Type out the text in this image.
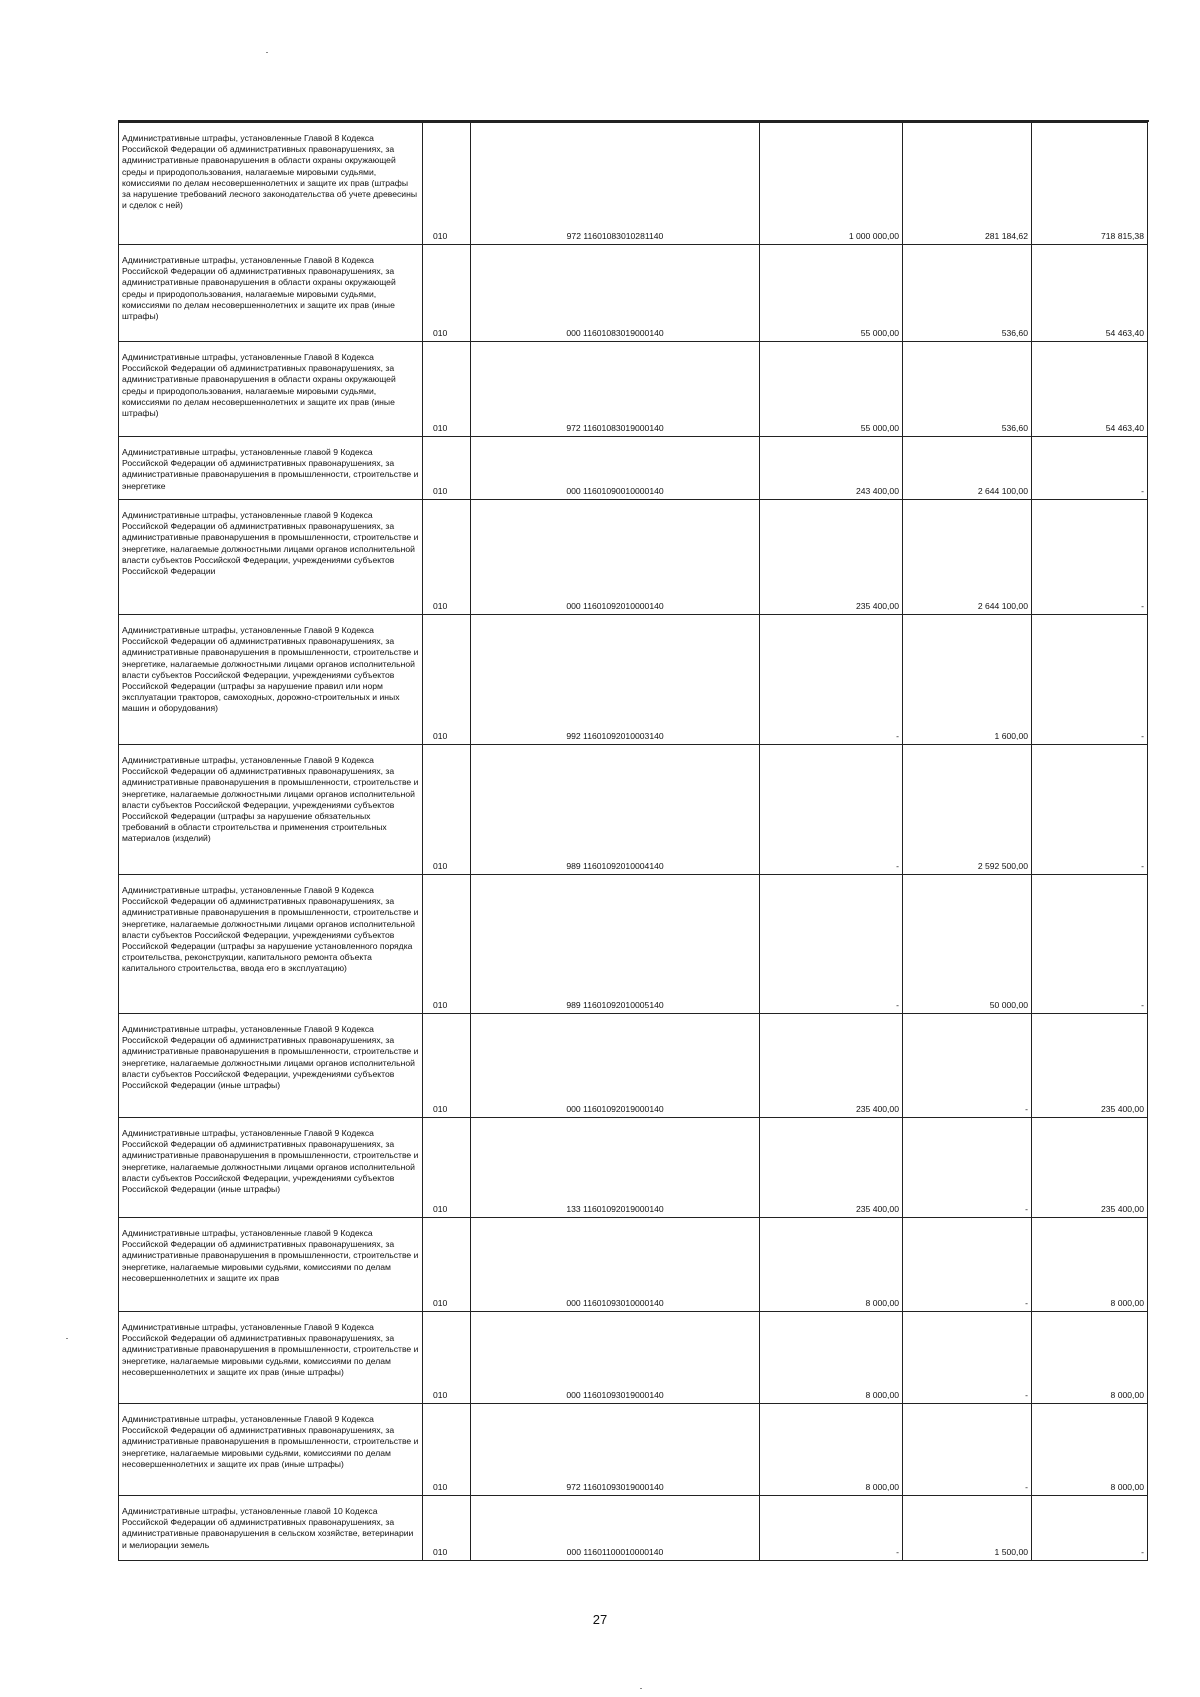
Административные штрафы, установленные Главой 8 Кодекса Российской Федерации об административных правонарушениях, за административные правонарушения в области охраны окружающей среды и природопользования, налагаемые мировыми судьями, комиссиями по делам несовершеннолетних и защите их прав (штрафы за нарушение требований лесного законодательства об учете древесины и сделок с ней)	010	972 11601083010281140	1 000 000,00	281 184,62	718 815,38
Административные штрафы, установленные Главой 8 Кодекса Российской Федерации об административных правонарушениях, за административные правонарушения в области охраны окружающей среды и природопользования, налагаемые мировыми судьями, комиссиями по делам несовершеннолетних и защите их прав (иные штрафы)	010	000 11601083019000140	55 000,00	536,60	54 463,40
Административные штрафы, установленные Главой 8 Кодекса Российской Федерации об административных правонарушениях, за административные правонарушения в области охраны окружающей среды и природопользования, налагаемые мировыми судьями, комиссиями по делам несовершеннолетних и защите их прав (иные штрафы)	010	972 11601083019000140	55 000,00	536,60	54 463,40
Административные штрафы, установленные главой 9 Кодекса Российской Федерации об административных правонарушениях, за административные правонарушения в промышленности, строительстве и энергетике	010	000 11601090010000140	243 400,00	2 644 100,00	-
Административные штрафы, установленные главой 9 Кодекса Российской Федерации об административных правонарушениях, за административные правонарушения в промышленности, строительстве и энергетике, налагаемые должностными лицами органов исполнительной власти субъектов Российской Федерации, учреждениями субъектов Российской Федерации	010	000 11601092010000140	235 400,00	2 644 100,00	-
Административные штрафы, установленные Главой 9 Кодекса Российской Федерации об административных правонарушениях, за административные правонарушения в промышленности, строительстве и энергетике, налагаемые должностными лицами органов исполнительной власти субъектов Российской Федерации, учреждениями субъектов Российской Федерации (штрафы за нарушение правил или норм эксплуатации тракторов, самоходных, дорожно-строительных и иных машин и оборудования)	010	992 11601092010003140	-	1 600,00	-
Административные штрафы, установленные Главой 9 Кодекса Российской Федерации об административных правонарушениях, за административные правонарушения в промышленности, строительстве и энергетике, налагаемые должностными лицами органов исполнительной власти субъектов Российской Федерации, учреждениями субъектов Российской Федерации (штрафы за нарушение обязательных требований в области строительства и применения строительных материалов (изделий)	010	989 11601092010004140	-	2 592 500,00	-
Административные штрафы, установленные Главой 9 Кодекса Российской Федерации об административных правонарушениях, за административные правонарушения в промышленности, строительстве и энергетике, налагаемые должностными лицами органов исполнительной власти субъектов Российской Федерации, учреждениями субъектов Российской Федерации (штрафы за нарушение установленного порядка строительства, реконструкции, капитального ремонта объекта капитального строительства, ввода его в эксплуатацию)	010	989 11601092010005140	-	50 000,00	-
Административные штрафы, установленные Главой 9 Кодекса Российской Федерации об административных правонарушениях, за административные правонарушения в промышленности, строительстве и энергетике, налагаемые должностными лицами органов исполнительной власти субъектов Российской Федерации, учреждениями субъектов Российской Федерации (иные штрафы)	010	000 11601092019000140	235 400,00	-	235 400,00
Административные штрафы, установленные Главой 9 Кодекса Российской Федерации об административных правонарушениях, за административные правонарушения в промышленности, строительстве и энергетике, налагаемые должностными лицами органов исполнительной власти субъектов Российской Федерации, учреждениями субъектов Российской Федерации (иные штрафы)	010	133 11601092019000140	235 400,00	-	235 400,00
Административные штрафы, установленные главой 9 Кодекса Российской Федерации об административных правонарушениях, за административные правонарушения в промышленности, строительстве и энергетике, налагаемые мировыми судьями, комиссиями по делам несовершеннолетних и защите их прав	010	000 11601093010000140	8 000,00	-	8 000,00
Административные штрафы, установленные Главой 9 Кодекса Российской Федерации об административных правонарушениях, за административные правонарушения в промышленности, строительстве и энергетике, налагаемые мировыми судьями, комиссиями по делам несовершеннолетних и защите их прав (иные штрафы)	010	000 11601093019000140	8 000,00	-	8 000,00
Административные штрафы, установленные Главой 9 Кодекса Российской Федерации об административных правонарушениях, за административные правонарушения в промышленности, строительстве и энергетике, налагаемые мировыми судьями, комиссиями по делам несовершеннолетних и защите их прав (иные штрафы)	010	972 11601093019000140	8 000,00	-	8 000,00
Административные штрафы, установленные главой 10 Кодекса Российской Федерации об административных правонарушениях, за административные правонарушения в сельском хозяйстве, ветеринарии и мелиорации земель	010	000 11601100010000140	-	1 500,00	-
27
